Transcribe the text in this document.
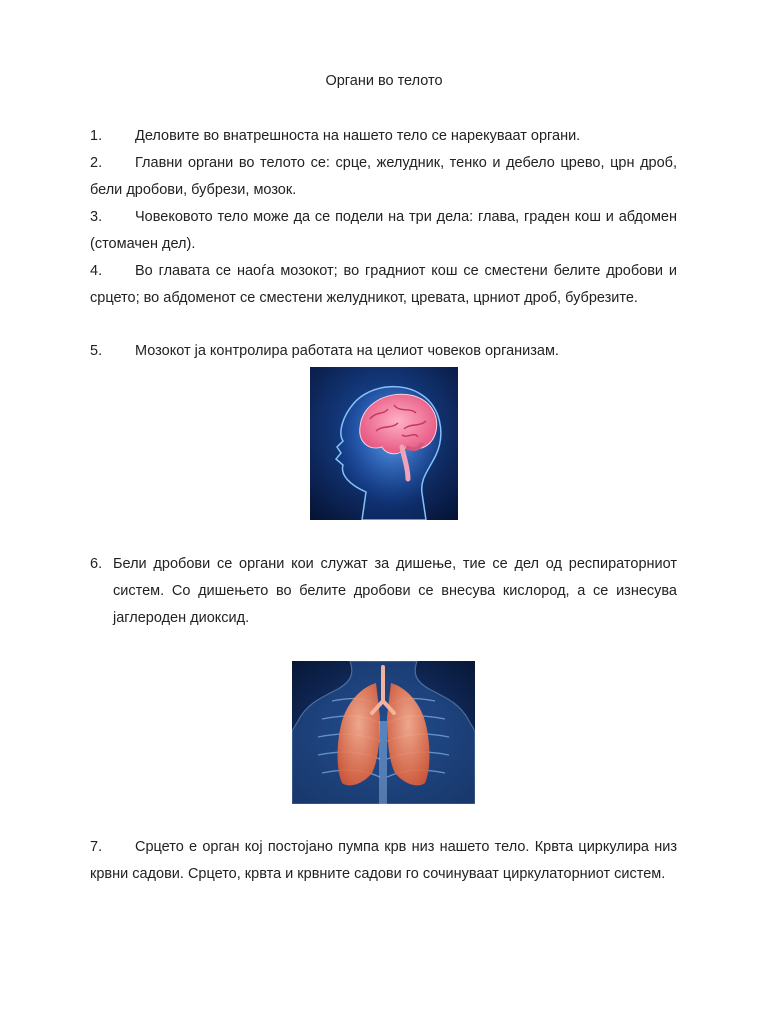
Органи во телото
1. Деловите во внатрешноста на нашето тело се нарекуваат органи.
2. Главни органи во телото се: срце, желудник, тенко и дебело црево, црн дроб, бели дробови, бубрези, мозок.
3. Човековото тело може да се подели на три дела: глава, граден кош и абдомен (стомачен дел).
4. Во главата се наоѓа мозокот; во градниот кош се сместени белите дробови и срцето; во абдоменот се сместени желудникот, цревата, црниот дроб, бубрезите.
5. Мозокот ја контролира работата на целиот човеков организам.
6. Бели дробови се органи кои служат за дишење, тие се дел од респираторниот систем. Со дишењето во белите дробови се внесува кислород, а се изнесува јаглероден диоксид.
7. Срцето е орган кој постојано пумпа крв низ нашето тело. Крвта циркулира низ крвни садови. Срцето, крвта и крвните садови го сочинуваат циркулаторниот систем.
